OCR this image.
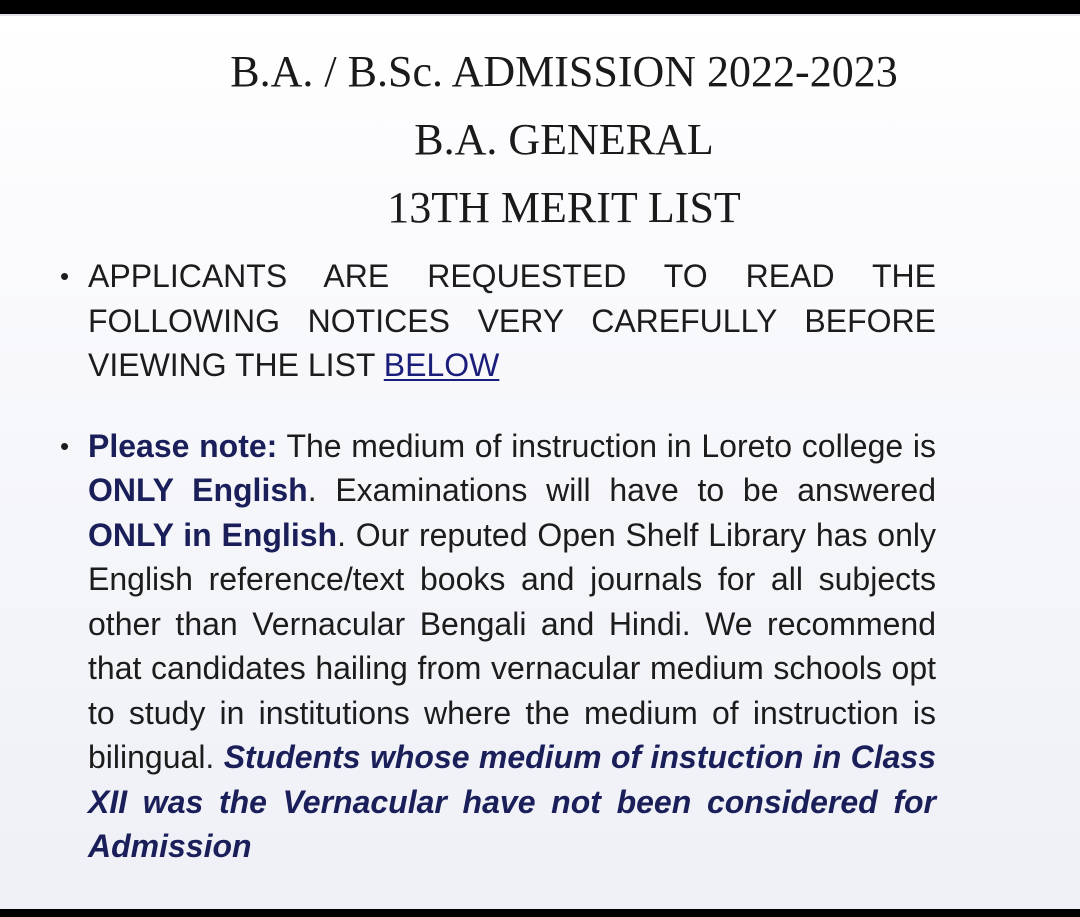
B.A. / B.Sc. ADMISSION 2022-2023
B.A. GENERAL
13TH MERIT LIST
• APPLICANTS ARE REQUESTED TO READ THE FOLLOWING NOTICES VERY CAREFULLY BEFORE VIEWING THE LIST BELOW
• Please note: The medium of instruction in Loreto college is ONLY English. Examinations will have to be answered ONLY in English. Our reputed Open Shelf Library has only English reference/text books and journals for all subjects other than Vernacular Bengali and Hindi. We recommend that candidates hailing from vernacular medium schools opt to study in institutions where the medium of instruction is bilingual. Students whose medium of instuction in Class XII was the Vernacular have not been considered for Admission
